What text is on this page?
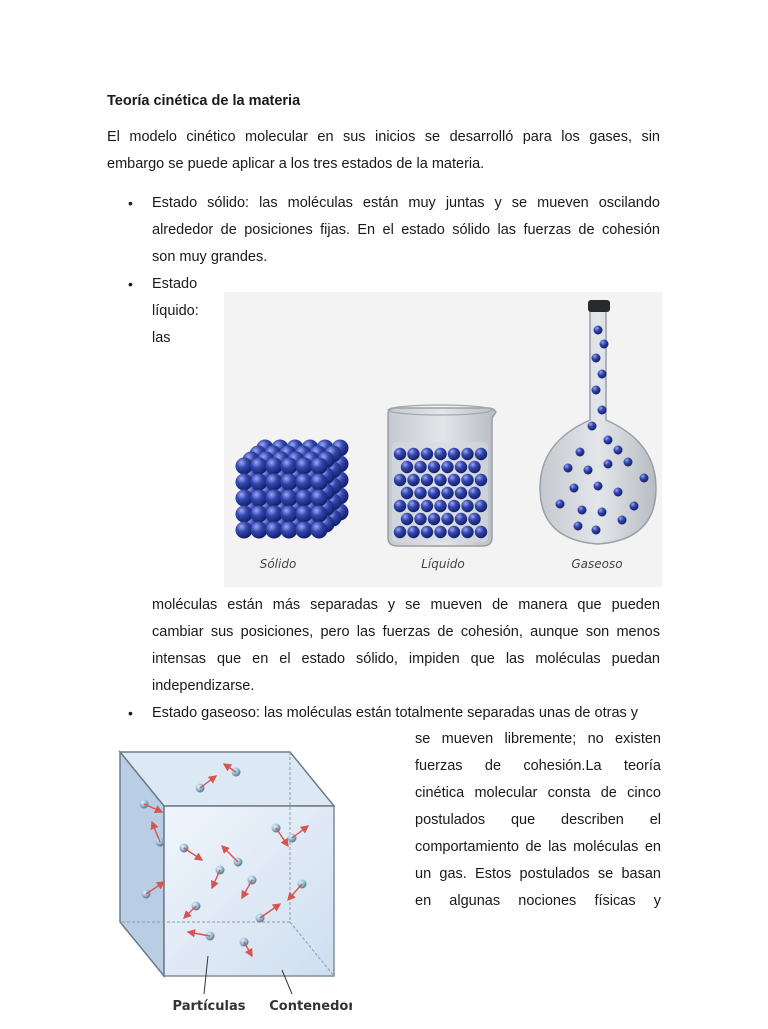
Teoría cinética de la materia
El modelo cinético molecular en sus inicios se desarrolló para los gases, sin
embargo se puede aplicar a los tres estados de la materia.
• Estado sólido: las moléculas están muy juntas y se mueven oscilando
alrededor de posiciones fijas. En el estado sólido las fuerzas de cohesión
son muy grandes.
• Estado
líquido:
las
Sólido	Líquido	Gaseoso
moléculas están más separadas y se mueven de manera que pueden
cambiar sus posiciones, pero las fuerzas de cohesión, aunque son menos
intensas que en el estado sólido, impiden que las moléculas puedan
independizarse.
• Estado gaseoso: las moléculas están totalmente separadas unas de otras y
se mueven libremente; no existen
fuerzas de cohesión.La teoría
cinética molecular consta de cinco
postulados que describen el
comportamiento de las moléculas en
un gas. Estos postulados se basan
en algunas nociones físicas y
Partículas Contenedor
